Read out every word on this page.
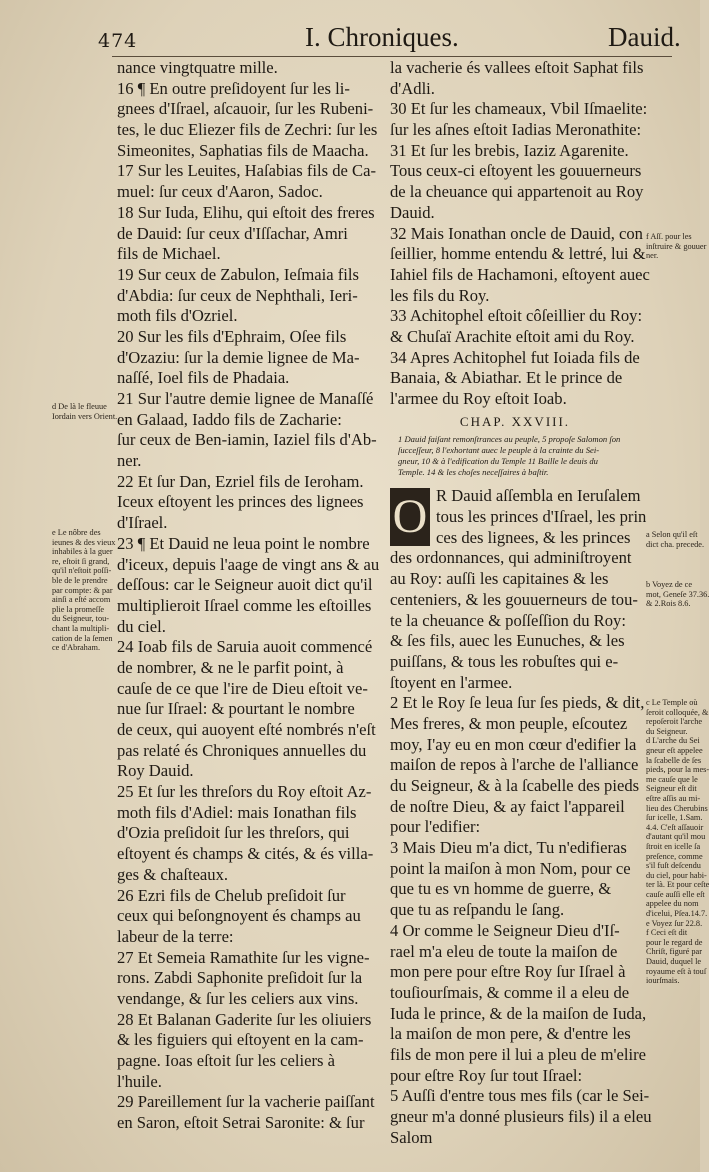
474	I. Chroniques.	Dauid.
nance vingtquatre mille.
16 ¶ En outre preſidoyent ſur les li-
gnees d'Iſrael, aſcauoir, ſur les Rubeni-
tes, le duc Eliezer fils de Zechri: ſur les
Simeonites, Saphatias fils de Maacha.
17 Sur les Leuites, Haſabias fils de Ca-
muel: ſur ceux d'Aaron, Sadoc.
18 Sur Iuda, Elihu, qui eſtoit des freres
de Dauid: ſur ceux d'Iſſachar, Amri
fils de Michael.
19 Sur ceux de Zabulon, Ieſmaia fils
d'Abdia: ſur ceux de Nephthali, Ieri-
moth fils d'Ozriel.
20 Sur les fils d'Ephraim, Oſee fils
d'Ozaziu: ſur la demie lignee de Ma-
naſſé, Ioel fils de Phadaia.
21 Sur l'autre demie lignee de Manaſſé
en Galaad, Iaddo fils de Zacharie:
ſur ceux de Ben-iamin, Iaziel fils d'Ab-
ner.
22 Et ſur Dan, Ezriel fils de Ieroham.
Iceux eſtoyent les princes des lignees
d'Iſrael.
23 ¶ Et Dauid ne leua point le nombre
d'iceux, depuis l'aage de vingt ans & au
deſſous: car le Seigneur auoit dict qu'il
multiplieroit Iſrael comme les eſtoilles
du ciel.
24 Ioab fils de Saruia auoit commencé
de nombrer, & ne le parfit point, à
cauſe de ce que l'ire de Dieu eſtoit ve-
nue ſur Iſrael: & pourtant le nombre
de ceux, qui auoyent eſté nombrés n'eſt
pas relaté és Chroniques annuelles du
Roy Dauid.
25 Et ſur les threſors du Roy eſtoit Az-
moth fils d'Adiel: mais Ionathan fils
d'Ozia preſidoit ſur les threſors, qui
eſtoyent és champs & cités, & és villa-
ges & chaſteaux.
26 Ezri fils de Chelub preſidoit ſur
ceux qui beſongnoyent és champs au
labeur de la terre:
27 Et Semeia Ramathite ſur les vigne-
rons. Zabdi Saphonite preſidoit ſur la
vendange, & ſur les celiers aux vins.
28 Et Balanan Gaderite ſur les oliuiers
& les figuiers qui eſtoyent en la cam-
pagne. Ioas eſtoit ſur les celiers à
l'huile.
29 Pareillement ſur la vacherie paiſſant
en Saron, eſtoit Setrai Saronite: & ſur
la vacherie és vallees eſtoit Saphat fils
d'Adli.
30 Et ſur les chameaux, Vbil Iſmaelite:
ſur les aſnes eſtoit Iadias Meronathite:
31 Et ſur les brebis, Iaziz Agarenite.
Tous ceux-ci eſtoyent les gouuerneurs
de la cheuance qui appartenoit au Roy
Dauid.
32 Mais Ionathan oncle de Dauid, con
ſeillier, homme entendu & lettré, lui &
Iahiel fils de Hachamoni, eſtoyent auec
les fils du Roy.
33 Achitophel eſtoit côſeillier du Roy:
& Chuſaï Arachite eſtoit ami du Roy.
34 Apres Achitophel fut Ioiada fils de
Banaia, & Abiathar. Et le prince de
l'armee du Roy eſtoit Ioab.
CHAP. XXVIII.
1 Dauid faiſant remonſtrances au peuple, 5 propoſe Salomon ſon
ſucceſſeur, 8 l'exhortant auec le peuple à la crainte du Sei-
gneur, 10 & à l'edification du Temple 11 Baille le deuis du
Temple. 14 & les choſes neceſſaires à baſtir.
O R Dauid aſſembla en Ieruſalem
tous les princes d'Iſrael, les prin
ces des lignees, & les princes
des ordonnances, qui adminiſtroyent
au Roy: auſſi les capitaines & les
centeniers, & les gouuerneurs de tou-
te la cheuance & poſſeſſion du Roy:
& ſes fils, auec les Eunuches, & les
puiſſans, & tous les robuſtes qui e-
ſtoyent en l'armee.
2 Et le Roy ſe leua ſur ſes pieds, & dit,
Mes freres, & mon peuple, eſcoutez
moy, I'ay eu en mon cœur d'edifier la
maiſon de repos à l'arche de l'alliance
du Seigneur, & à la ſcabelle des pieds
de noſtre Dieu, & ay faict l'appareil
pour l'edifier:
3 Mais Dieu m'a dict, Tu n'edifieras
point la maiſon à mon Nom, pour ce
que tu es vn homme de guerre, &
que tu as reſpandu le ſang.
4 Or comme le Seigneur Dieu d'Iſ-
rael m'a eleu de toute la maiſon de
mon pere pour eſtre Roy ſur Iſrael à
touſiourſmais, & comme il a eleu de
Iuda le prince, & de la maiſon de Iuda,
la maiſon de mon pere, & d'entre les
fils de mon pere il lui a pleu de m'elire
pour eſtre Roy ſur tout Iſrael:
5 Auſſi d'entre tous mes fils (car le Sei-
gneur m'a donné plusieurs fils) il a eleu
Salom
d De là le fleuue
Iordain vers Orient.
e Le nôbre des
ieunes & des vieux
inhabiles à la guer
re, eſtoit ſi grand,
qu'il n'eſtoit poſſi-
ble de le prendre
par compte: & par
ainſi a eſté accom
plie la promeſſe
du Seigneur, tou-
chant la multipli-
cation de la ſemen
ce d'Abraham.
f Aſſ. pour les
inſtruire & gouuer
ner.
a Selon qu'il eſt
dict cha. precede.
b Voyez de ce
mot, Geneſe 37.36.
& 2.Rois 8.6.
c Le Temple où
ſeroit colloquée, &
repoſeroit l'arche
du Seigneur.
d L'arche du Sei
gneur eſt appelee
la ſcabelle de ſes
pieds, pour la mes-
me cauſe que le
Seigneur eſt dit
eſtre aſſis au mi-
lieu des Cherubins
ſur icelle, 1.Sam.
4.4. C'eſt aſſauoir
d'autant qu'il mou
ſtroit en icelle ſa
preſence, comme
s'il fuſt deſcendu
du ciel, pour habi-
ter là. Et pour ceſte
cauſe auſſi elle eſt
appelee du nom
d'icelui, Pſea.14.7.
e Voyez ſur 22.8.
f Ceci eſt dit
pour le regard de
Chriſt, figuré par
Dauid, duquel le
royaume eſt à touſ
iourſmais.
